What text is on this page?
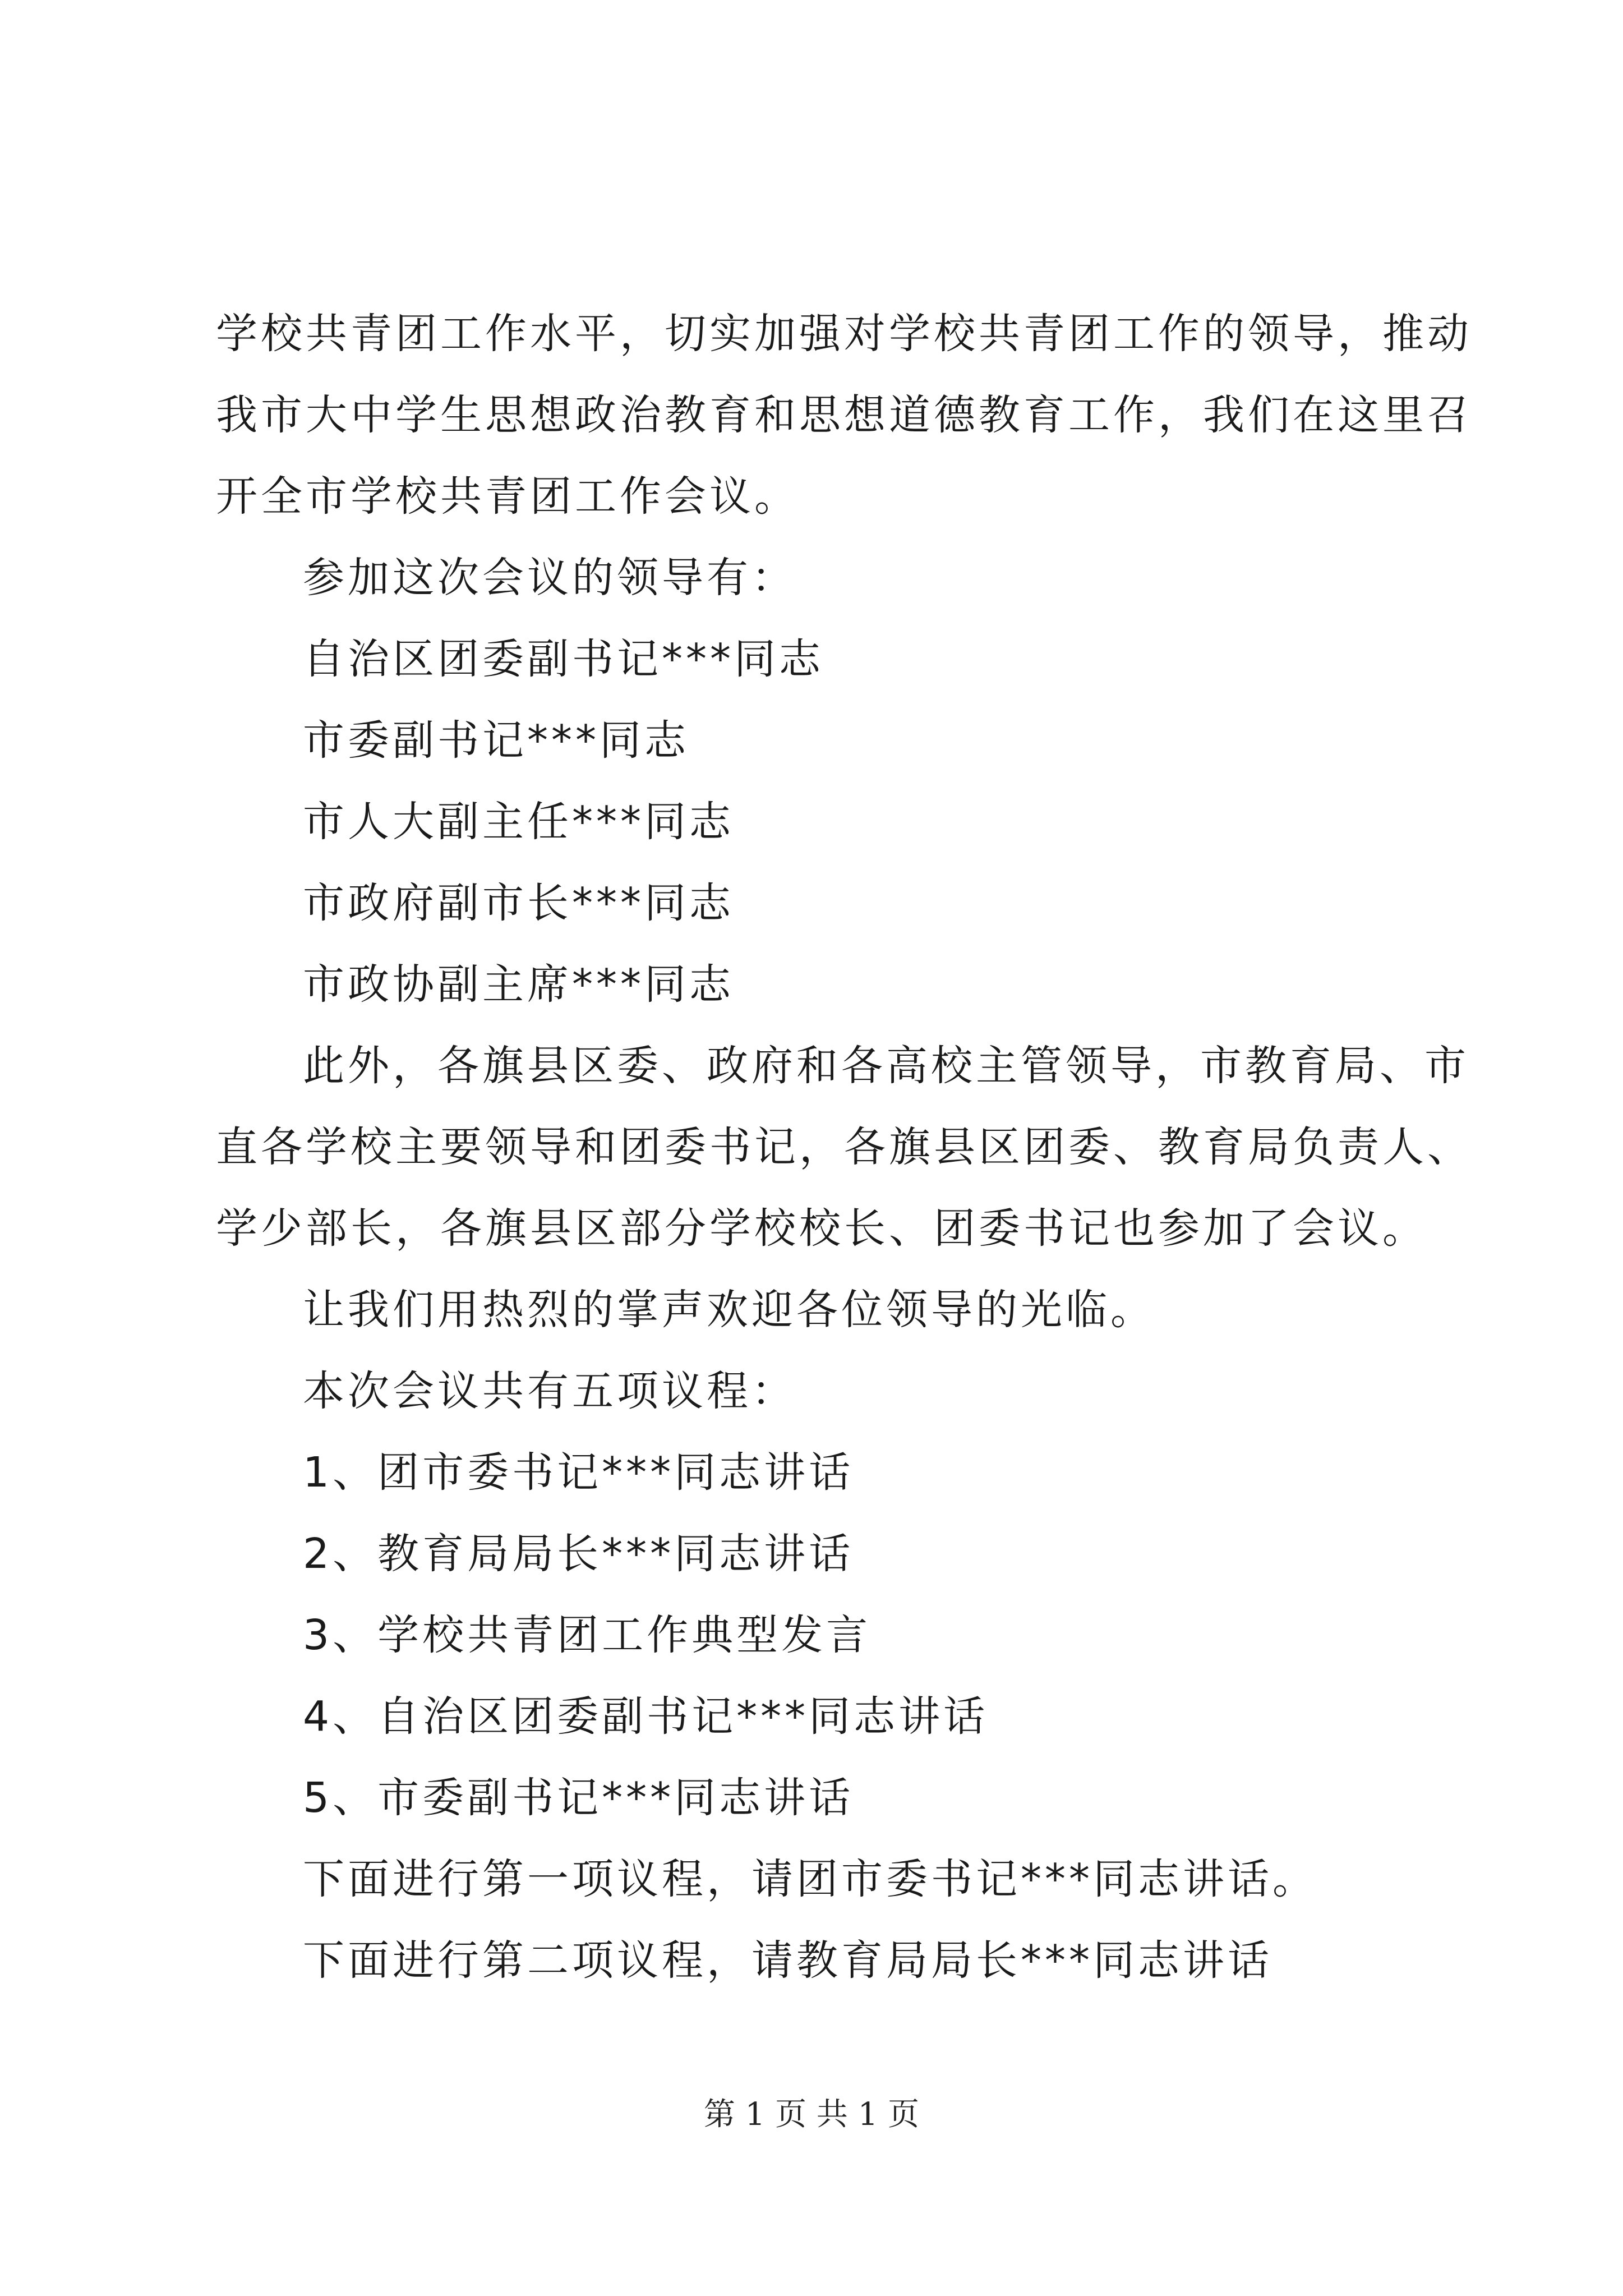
学校共青团工作水平，切实加强对学校共青团工作的领导，推动

我市大中学生思想政治教育和思想道德教育工作，我们在这里召

开全市学校共青团工作会议。

参加这次会议的领导有：

自治区团委副书记***同志

市委副书记***同志

市人大副主任***同志

市政府副市长***同志

市政协副主席***同志

此外，各旗县区委、政府和各高校主管领导，市教育局、市

直各学校主要领导和团委书记，各旗县区团委、教育局负责人、

学少部长，各旗县区部分学校校长、团委书记也参加了会议。

让我们用热烈的掌声欢迎各位领导的光临。

本次会议共有五项议程：

1、团市委书记***同志讲话

2、教育局局长***同志讲话

3、学校共青团工作典型发言

4、自治区团委副书记***同志讲话

5、市委副书记***同志讲话

下面进行第一项议程，请团市委书记***同志讲话。

下面进行第二项议程，请教育局局长***同志讲话

第 1 页 共 1 页
